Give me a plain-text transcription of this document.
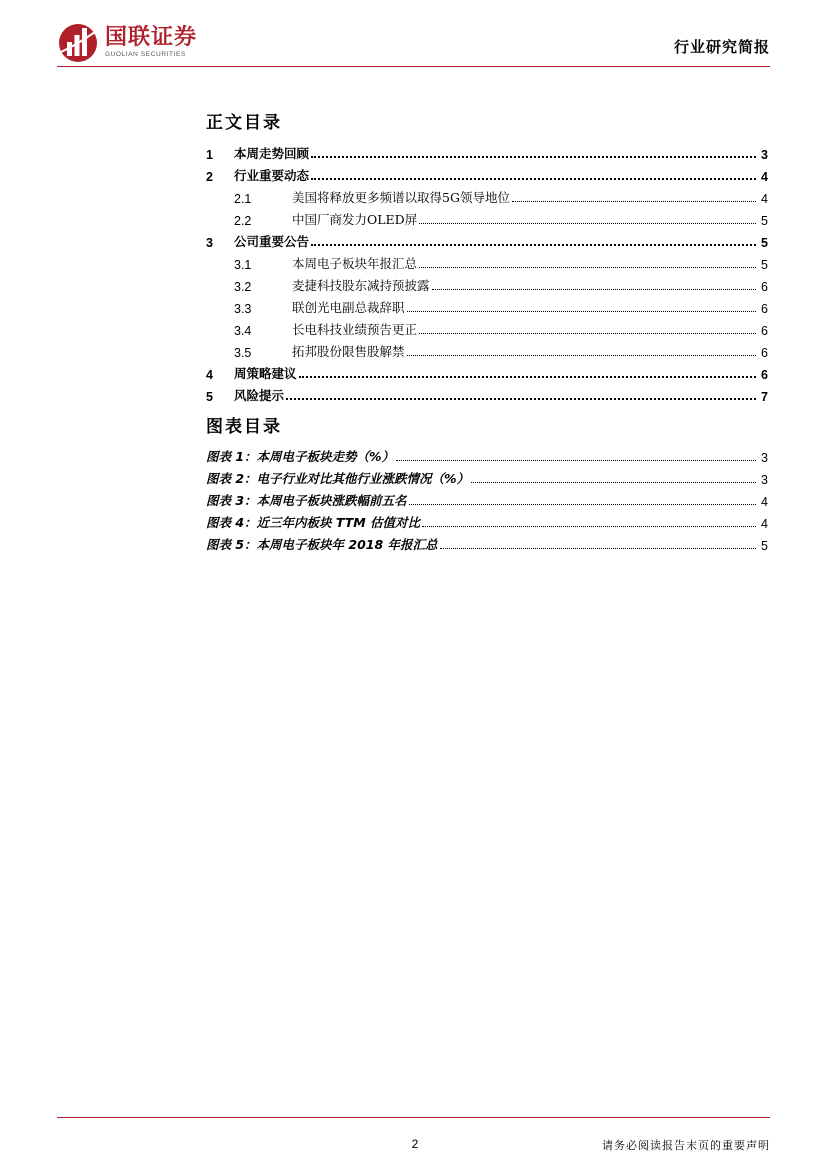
国联证券
GUOLIAN SECURITIES	行业研究简报
正文目录
1	本周走势回顾	3
2	行业重要动态	4
2.1	美国将释放更多频谱以取得5G领导地位	4
2.2	中国厂商发力OLED屏	5
3	公司重要公告	5
3.1	本周电子板块年报汇总	5
3.2	麦捷科技股东减持预披露	6
3.3	联创光电副总裁辞职	6
3.4	长电科技业绩预告更正	6
3.5	拓邦股份限售股解禁	6
4	周策略建议	6
5	风险提示	7
图表目录
图表 1：本周电子板块走势（%）	3
图表 2：电子行业对比其他行业涨跌情况（%）	3
图表 3：本周电子板块涨跌幅前五名	4
图表 4：近三年内板块 TTM 估值对比	4
图表 5：本周电子板块年 2018 年报汇总	5
2	请务必阅读报告末页的重要声明
